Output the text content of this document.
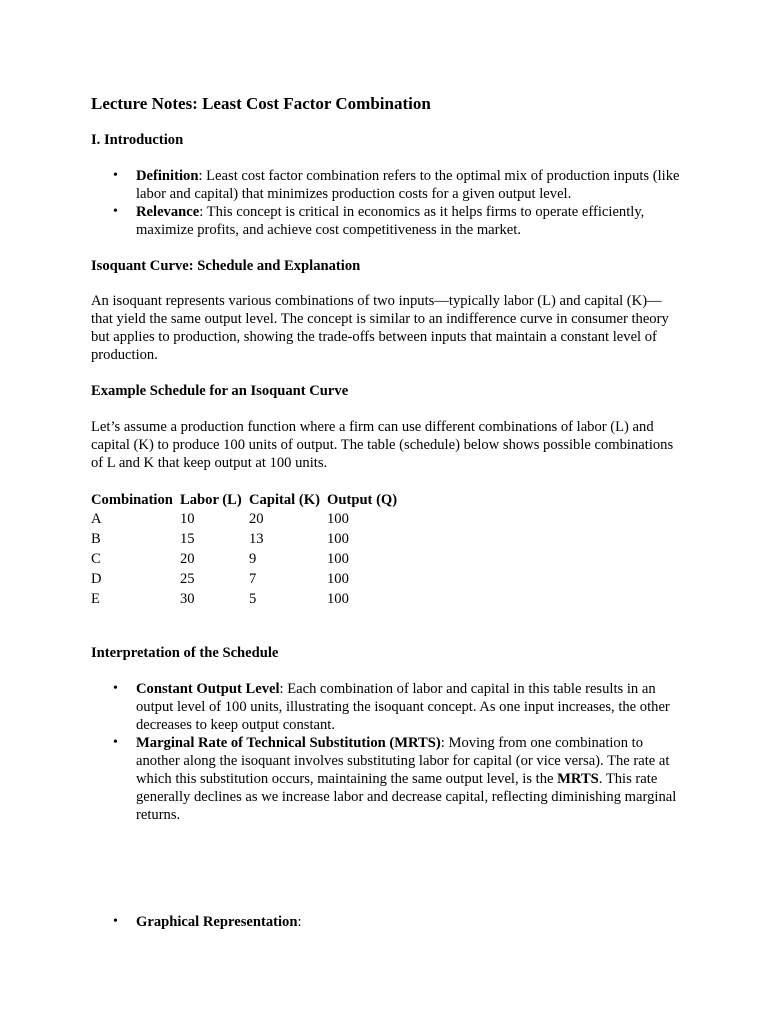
Lecture Notes: Least Cost Factor Combination
I. Introduction
• Definition: Least cost factor combination refers to the optimal mix of production inputs (like labor and capital) that minimizes production costs for a given output level.
• Relevance: This concept is critical in economics as it helps firms to operate efficiently, maximize profits, and achieve cost competitiveness in the market.
Isoquant Curve: Schedule and Explanation

An isoquant represents various combinations of two inputs—typically labor (L) and capital (K)—that yield the same output level. The concept is similar to an indifference curve in consumer theory but applies to production, showing the trade-offs between inputs that maintain a constant level of production.

Example Schedule for an Isoquant Curve

Let’s assume a production function where a firm can use different combinations of labor (L) and capital (K) to produce 100 units of output. The table (schedule) below shows possible combinations of L and K that keep output at 100 units.

Combination	Labor (L)	Capital (K)	Output (Q)
A	10	20	100
B	15	13	100
C	20	9	100
D	25	7	100
E	30	5	100
Interpretation of the Schedule
• Constant Output Level: Each combination of labor and capital in this table results in an output level of 100 units, illustrating the isoquant concept. As one input increases, the other decreases to keep output constant.
• Marginal Rate of Technical Substitution (MRTS): Moving from one combination to another along the isoquant involves substituting labor for capital (or vice versa). The rate at which this substitution occurs, maintaining the same output level, is the MRTS. This rate generally declines as we increase labor and decrease capital, reflecting diminishing marginal returns.
• Graphical Representation:
